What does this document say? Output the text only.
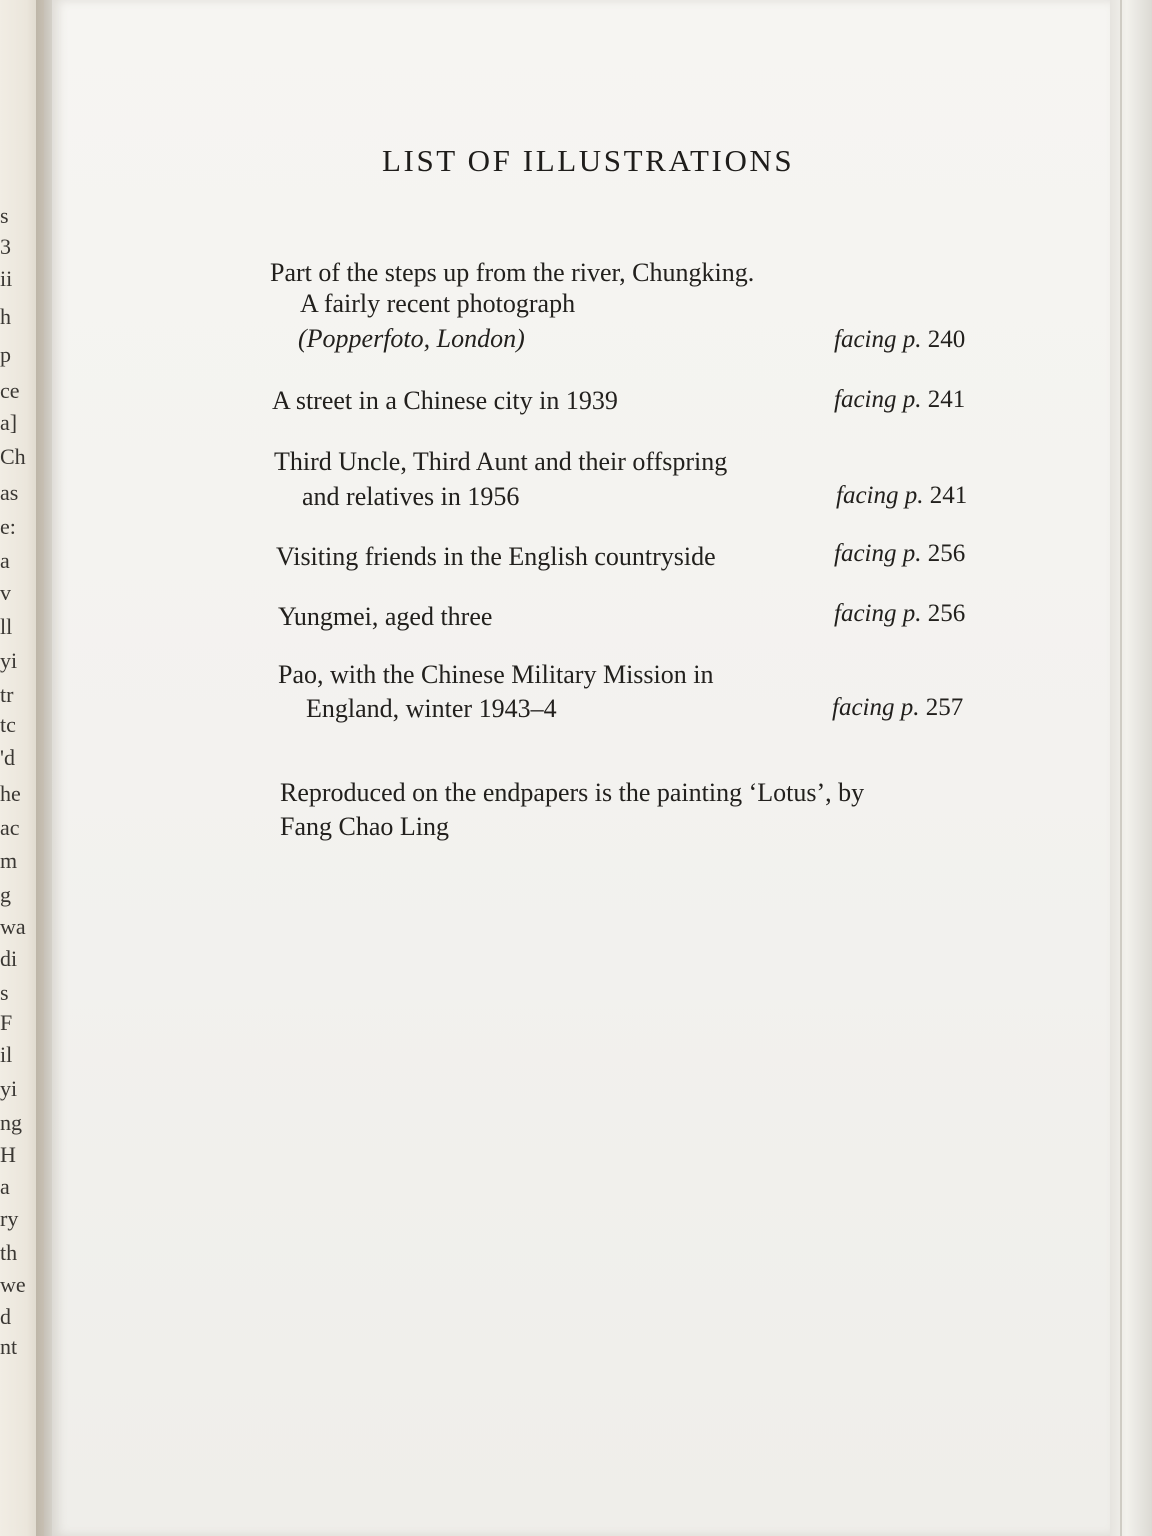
s
3
ii
h
p
ce
a]
Ch
as
e:
a
v
ll
yi
tr
tc
'd
he
ac
m
g
wa
di
s
F
il
yi
ng
H
a
ry
th
we
d
nt
LIST OF ILLUSTRATIONS
Part of the steps up from the river, Chungking.
A fairly recent photograph
(Popperfoto, London)	facing p. 240
A street in a Chinese city in 1939	facing p. 241
Third Uncle, Third Aunt and their offspring
and relatives in 1956	facing p. 241
Visiting friends in the English countryside	facing p. 256
Yungmei, aged three	facing p. 256
Pao, with the Chinese Military Mission in
England, winter 1943–4	facing p. 257
Reproduced on the endpapers is the painting ‘Lotus’, by
Fang Chao Ling
